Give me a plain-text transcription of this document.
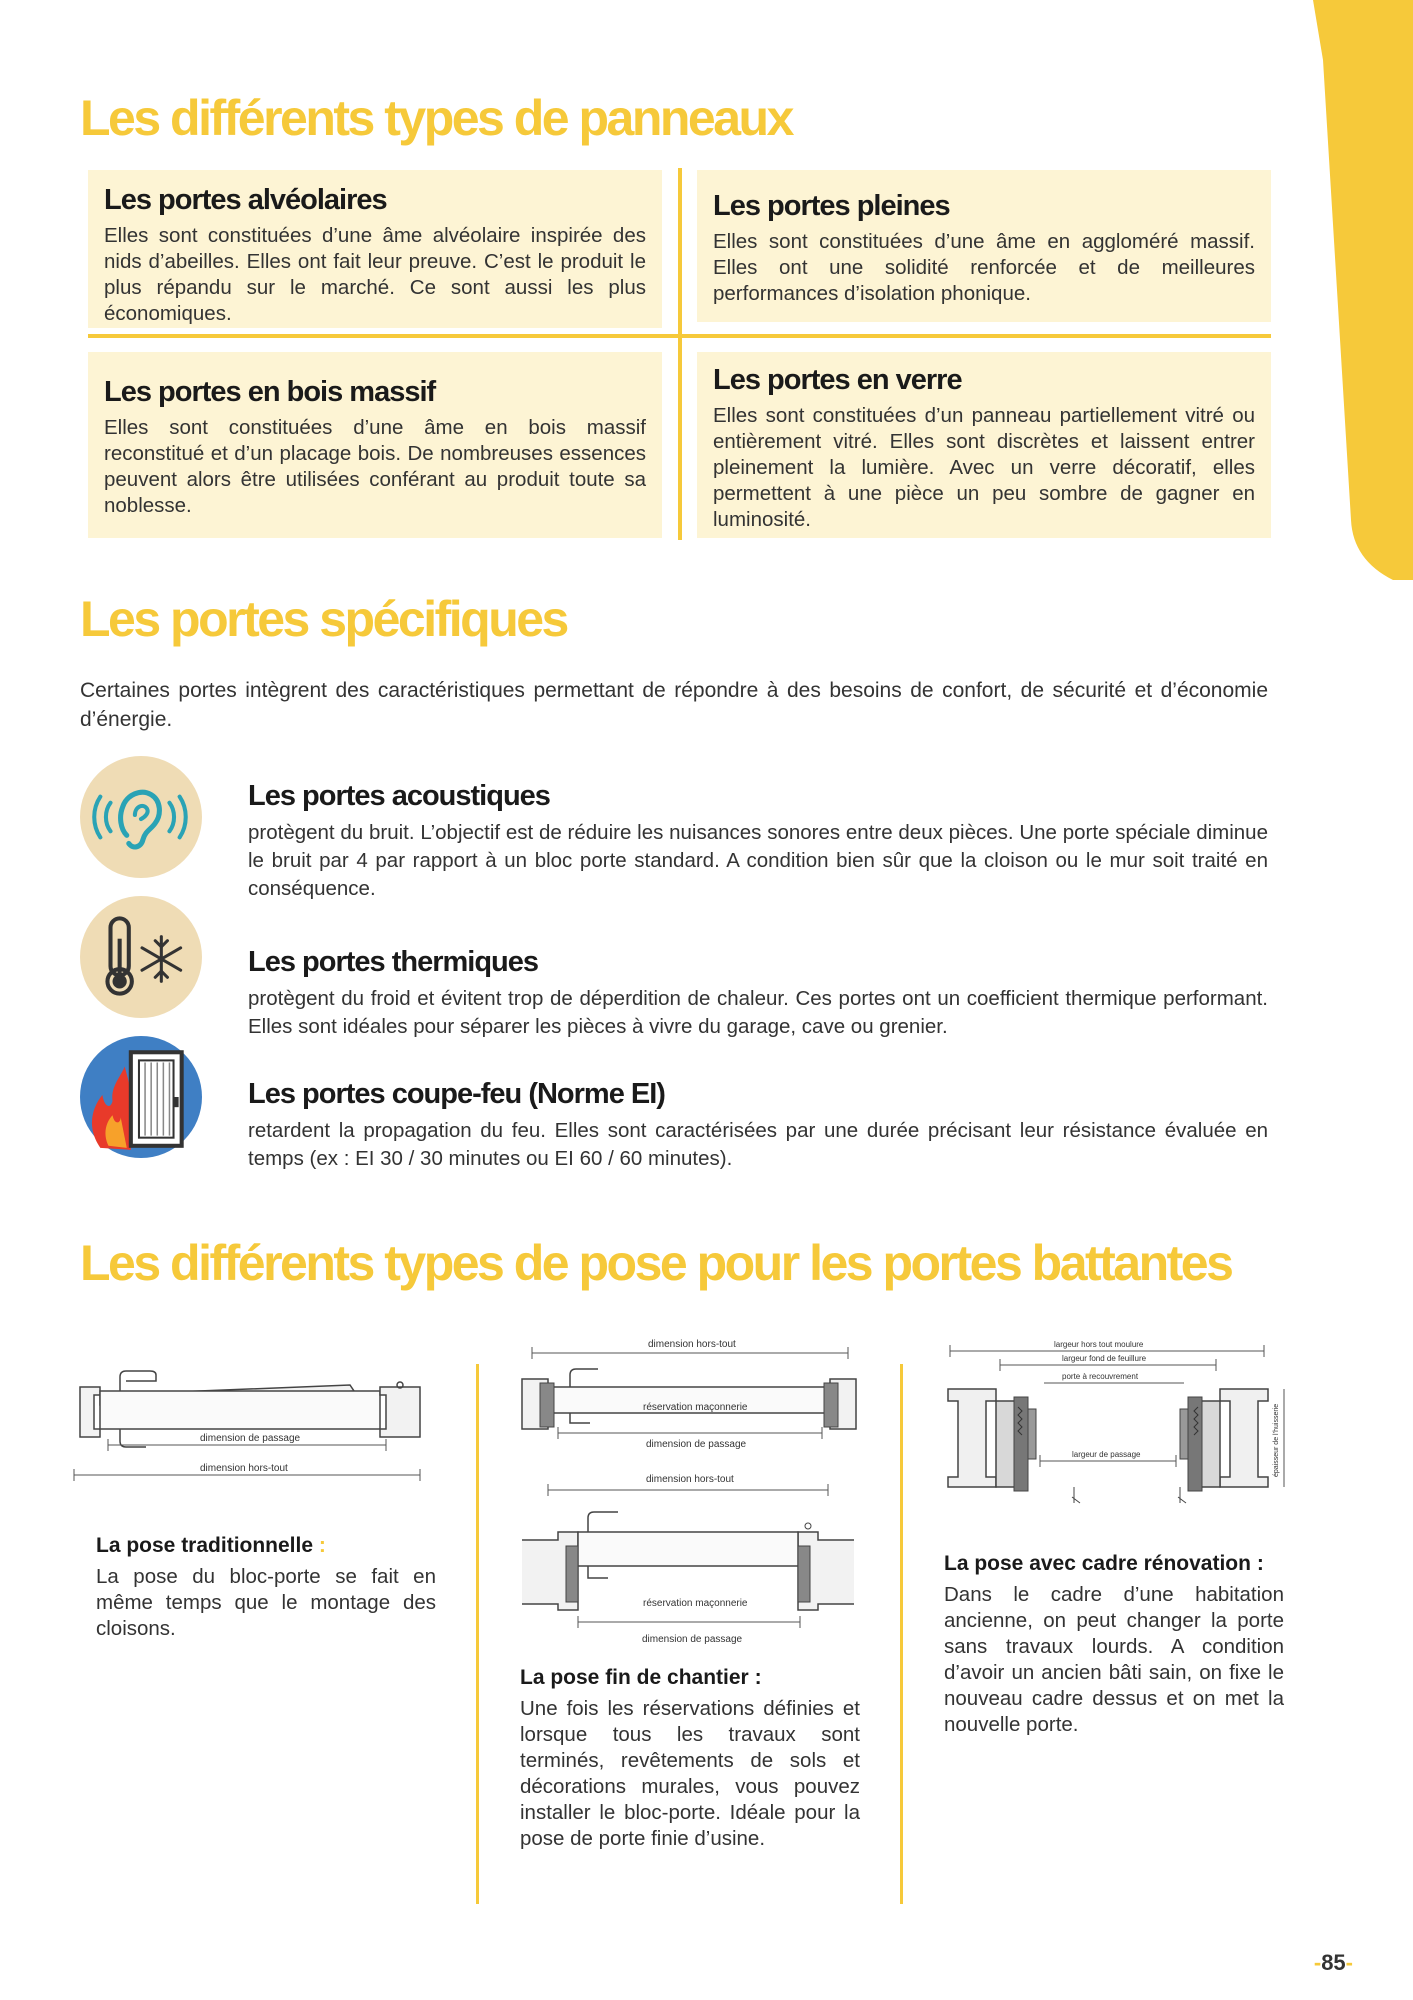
Les différents types de panneaux
Les portes alvéolaires

Elles sont constituées d’une âme alvéolaire inspirée des nids d’abeilles. Elles ont fait leur preuve. C’est le produit le plus répandu sur le marché. Ce sont aussi les plus économiques.

Les portes pleines

Elles sont constituées d’une âme en aggloméré massif. Elles ont une solidité renforcée et de meilleures performances d’isolation phonique.

Les portes en bois massif

Elles sont constituées d’une âme en bois massif reconstitué et d’un placage bois. De nombreuses essences peuvent alors être utilisées conférant au produit toute sa noblesse.

Les portes en verre

Elles sont constituées d’un panneau partiellement vitré ou entièrement vitré. Elles sont discrètes et laissent entrer pleinement la lumière. Avec un verre décoratif, elles permettent à une pièce un peu sombre de gagner en luminosité.

Les portes spécifiques

Certaines portes intègrent des caractéristiques permettant de répondre à des besoins de confort, de sécurité et d’économie d’énergie.

Les portes acoustiques

protègent du bruit. L’objectif est de réduire les nuisances sonores entre deux pièces. Une porte spéciale diminue le bruit par 4 par rapport à un bloc porte standard. A condition bien sûr que la cloison ou le mur soit traité en conséquence.

Les portes thermiques

protègent du froid et évitent trop de déperdition de chaleur. Ces portes ont un coefficient thermique performant. Elles sont idéales pour séparer les pièces à vivre du garage, cave ou grenier.

Les portes coupe-feu (Norme EI)

retardent la propagation du feu. Elles sont caractérisées par une durée précisant leur résistance évaluée en temps (ex : EI 30 / 30 minutes ou EI 60 / 60 minutes).

Les différents types de pose pour les portes battantes
dimension de passage
dimension hors-tout
dimension hors-tout
réservation maçonnerie
dimension de passage
dimension hors-tout
réservation maçonnerie
dimension de passage
largeur hors tout moulure
largeur fond de feuillure
porte à recouvrement
largeur de passage	épaisseur de l’huisserie
La pose traditionnelle :

La pose du bloc-porte se fait en même temps que le montage des cloisons.

La pose fin de chantier :

Une fois les réservations définies et lorsque tous les travaux sont terminés, revêtements de sols et décorations murales, vous pouvez installer le bloc-porte. Idéale pour la pose de porte finie d’usine.

La pose avec cadre rénovation :

Dans le cadre d’une habitation ancienne, on peut changer la porte sans travaux lourds. A condition d’avoir un ancien bâti sain, on fixe le nouveau cadre dessus et on met la nouvelle porte.

-85-
